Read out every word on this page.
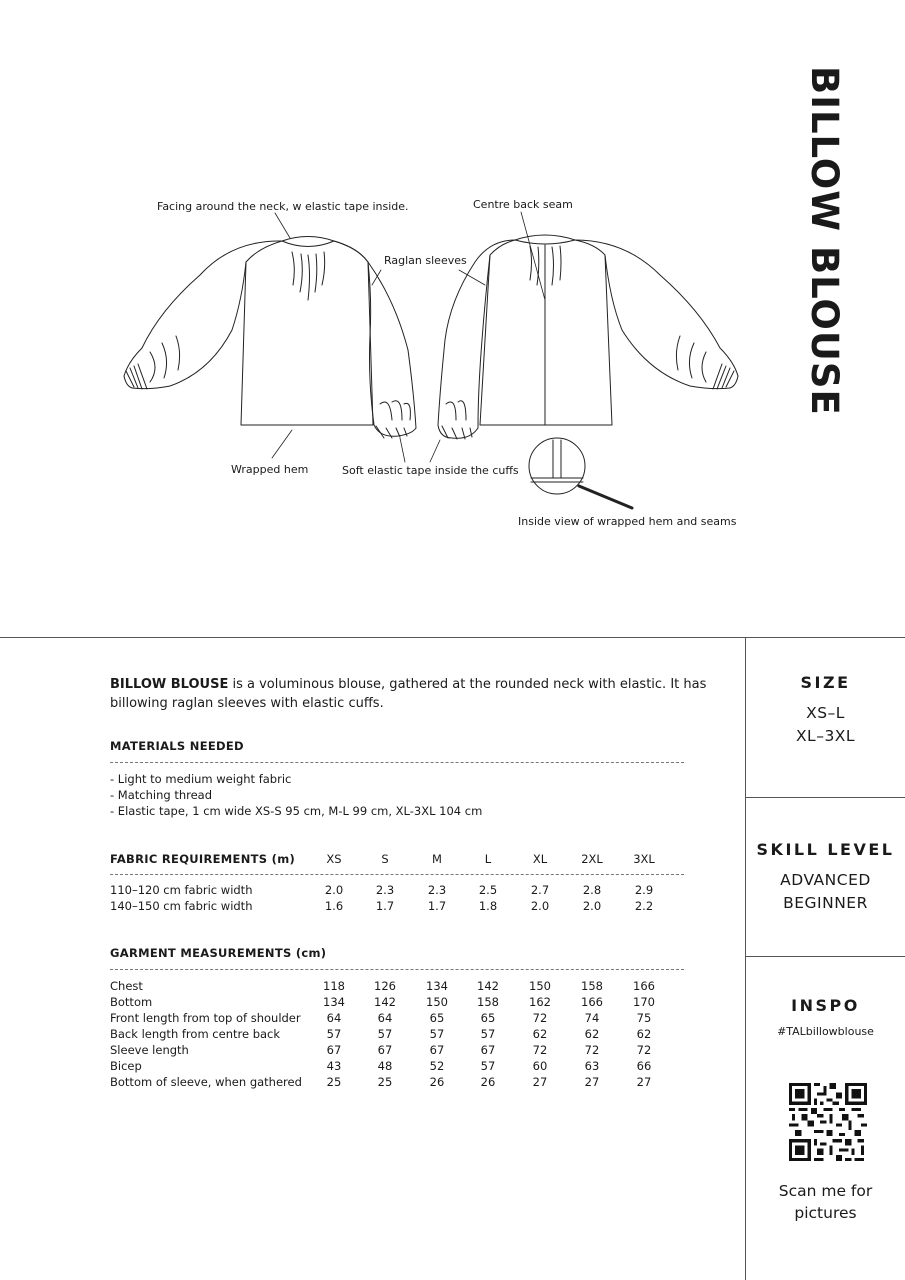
BILLOW BLOUSE
Facing around the neck, w elastic tape inside.	Centre back seam
Raglan sleeves
Wrapped hem	Soft elastic tape inside the cuffs
Inside view of wrapped hem and seams
BILLOW BLOUSE is a voluminous blouse, gathered at the rounded neck with elastic. It has billowing raglan sleeves with elastic cuffs.
MATERIALS NEEDED
- Light to medium weight fabric
- Matching thread
- Elastic tape, 1 cm wide XS-S 95 cm, M-L 99 cm, XL-3XL 104 cm
FABRIC REQUIREMENTS (m)	XS	S	M	L	XL	2XL	3XL
110–120 cm fabric width	2.0	2.3	2.3	2.5	2.7	2.8	2.9
140–150 cm fabric width	1.6	1.7	1.7	1.8	2.0	2.0	2.2
GARMENT MEASUREMENTS (cm)
Chest	118	126	134	142	150	158	166
Bottom	134	142	150	158	162	166	170
Front length from top of shoulder	64	64	65	65	72	74	75
Back length from centre back	57	57	57	57	62	62	62
Sleeve length	67	67	67	67	72	72	72
Bicep	43	48	52	57	60	63	66
Bottom of sleeve, when gathered	25	25	26	26	27	27	27
SIZE
XS–L
XL–3XL
SKILL LEVEL
ADVANCED
BEGINNER
INSPO
#TALbillowblouse
Scan me for
pictures
